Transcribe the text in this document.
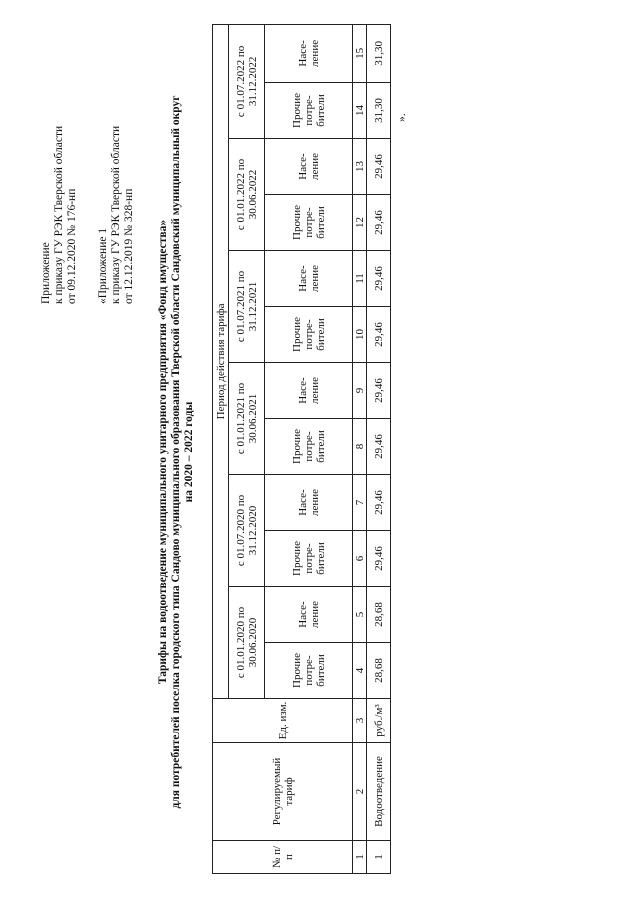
Приложение к приказу ГУ РЭК Тверской области от 09.12.2020 № 176-нп «Приложение 1 к приказу ГУ РЭК Тверской области от 12.12.2019 № 328-нп Тарифы на водоотведение муниципального унитарного предприятия «Фонд имущества» для потребителей поселка городского типа Сандово муниципального образования Тверской области Сандовский муниципальный округ на 2020 – 2022 годы
№ п/п	Регулируемый тариф	Ед. изм.	Период действия тарифа											
			с 01.01.2020 по 30.06.2020		с 01.07.2020 по 31.12.2020		с 01.01.2021 по 30.06.2021		с 01.07.2021 по 31.12.2021		с 01.01.2022 по 30.06.2022		с 01.07.2022 по 31.12.2022	
			Прочие потре-бители	Насе-ление	Прочие потре-бители	Насе-ление	Прочие потре-бители	Насе-ление	Прочие потре-бители	Насе-ление	Прочие потре-бители	Насе-ление	Прочие потре-бители	Насе-ление
1	2	3	4	5	6	7	8	9	10	11	12	13	14	15
1	Водоотведение	руб./м³	28,68	28,68	29,46	29,46	29,46	29,46	29,46	29,46	29,46	29,46	31,30	31,30
».
